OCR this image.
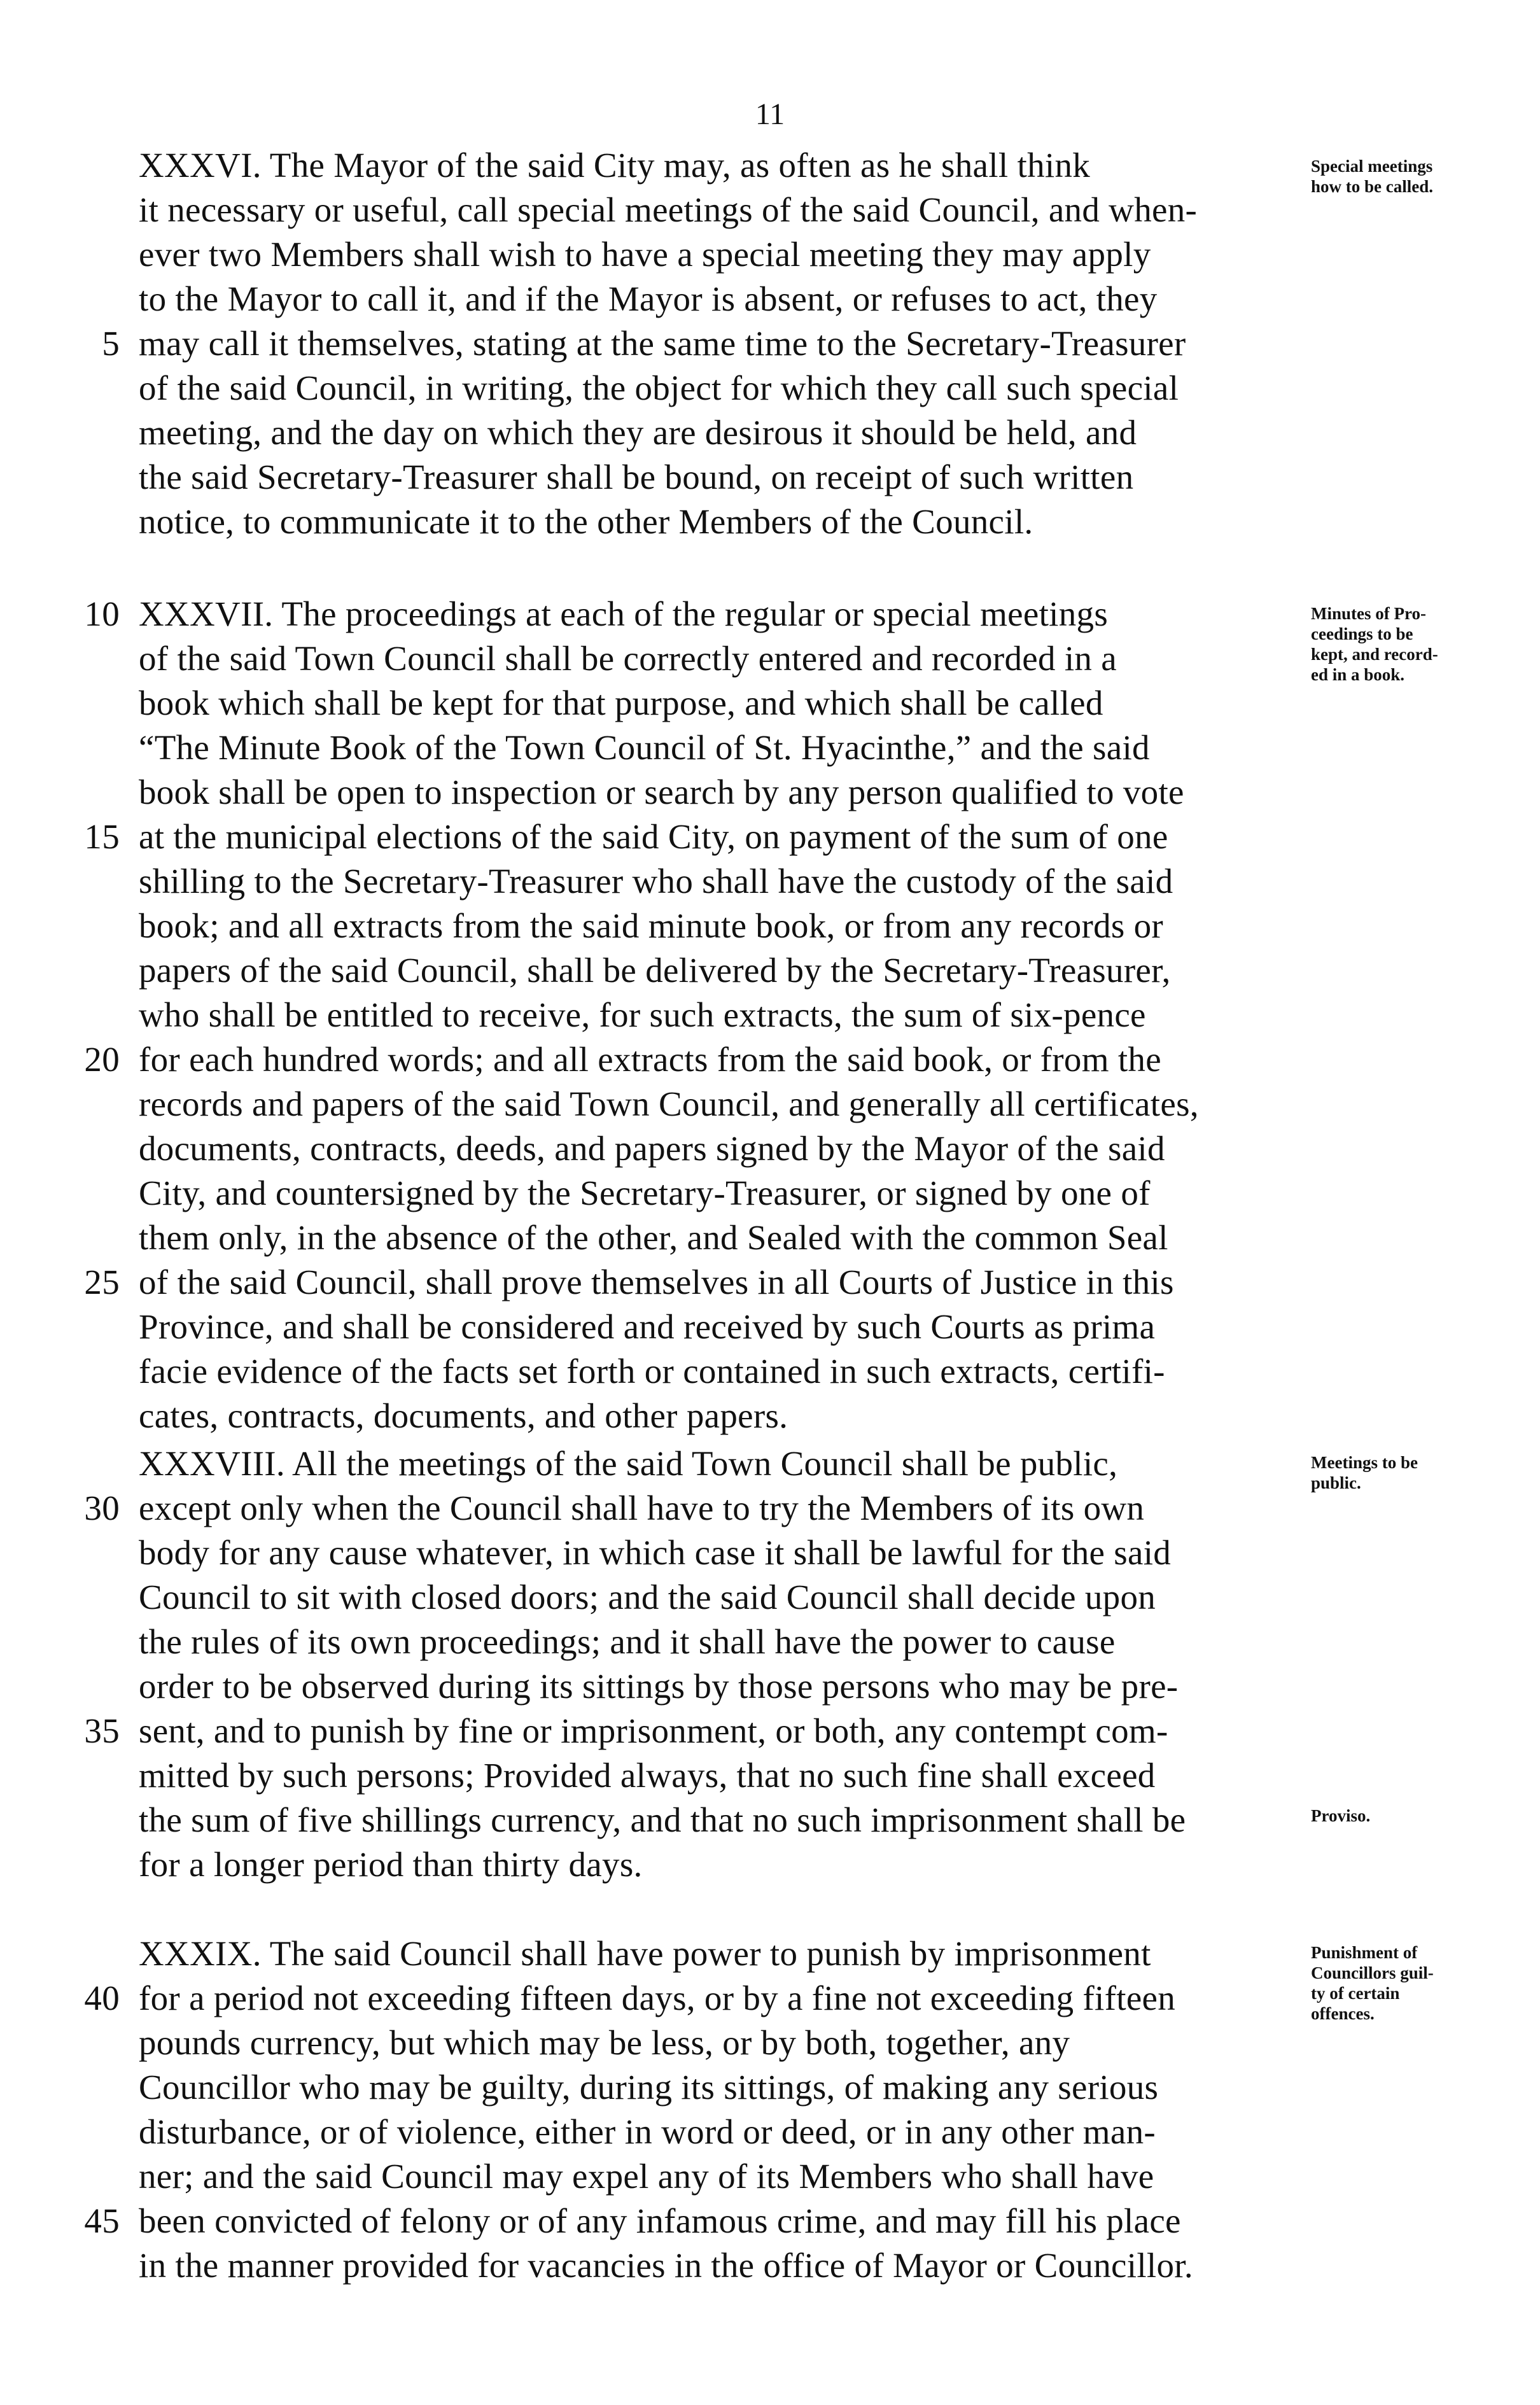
11
XXXVI. The Mayor of the said City may, as often as he shall think
it necessary or useful, call special meetings of the said Council, and when-
ever two Members shall wish to have a special meeting they may apply
to the Mayor to call it, and if the Mayor is absent, or refuses to act, they
5 may call it themselves, stating at the same time to the Secretary-Treasurer
of the said Council, in writing, the object for which they call such special
meeting, and the day on which they are desirous it should be held, and
the said Secretary-Treasurer shall be bound, on receipt of such written
notice, to communicate it to the other Members of the Council.
10 XXXVII. The proceedings at each of the regular or special meetings
of the said Town Council shall be correctly entered and recorded in a
book which shall be kept for that purpose, and which shall be called
“The Minute Book of the Town Council of St. Hyacinthe,” and the said
book shall be open to inspection or search by any person qualified to vote
15 at the municipal elections of the said City, on payment of the sum of one
shilling to the Secretary-Treasurer who shall have the custody of the said
book; and all extracts from the said minute book, or from any records or
papers of the said Council, shall be delivered by the Secretary-Treasurer,
who shall be entitled to receive, for such extracts, the sum of six-pence
20 for each hundred words; and all extracts from the said book, or from the
records and papers of the said Town Council, and generally all certificates,
documents, contracts, deeds, and papers signed by the Mayor of the said
City, and countersigned by the Secretary-Treasurer, or signed by one of
them only, in the absence of the other, and Sealed with the common Seal
25 of the said Council, shall prove themselves in all Courts of Justice in this
Province, and shall be considered and received by such Courts as prima
facie evidence of the facts set forth or contained in such extracts, certifi-
cates, contracts, documents, and other papers.
XXXVIII. All the meetings of the said Town Council shall be public,
30 except only when the Council shall have to try the Members of its own
body for any cause whatever, in which case it shall be lawful for the said
Council to sit with closed doors; and the said Council shall decide upon
the rules of its own proceedings; and it shall have the power to cause
order to be observed during its sittings by those persons who may be pre-
35 sent, and to punish by fine or imprisonment, or both, any contempt com-
mitted by such persons; Provided always, that no such fine shall exceed
the sum of five shillings currency, and that no such imprisonment shall be
for a longer period than thirty days.
XXXIX. The said Council shall have power to punish by imprisonment
40 for a period not exceeding fifteen days, or by a fine not exceeding fifteen
pounds currency, but which may be less, or by both, together, any
Councillor who may be guilty, during its sittings, of making any serious
disturbance, or of violence, either in word or deed, or in any other man-
ner; and the said Council may expel any of its Members who shall have
45 been convicted of felony or of any infamous crime, and may fill his place
in the manner provided for vacancies in the office of Mayor or Councillor.
Special meetings
how to be called.
Minutes of Pro-
ceedings to be
kept, and record-
ed in a book.
Meetings to be
public.
Proviso.
Punishment of
Councillors guil-
ty of certain
offences.
